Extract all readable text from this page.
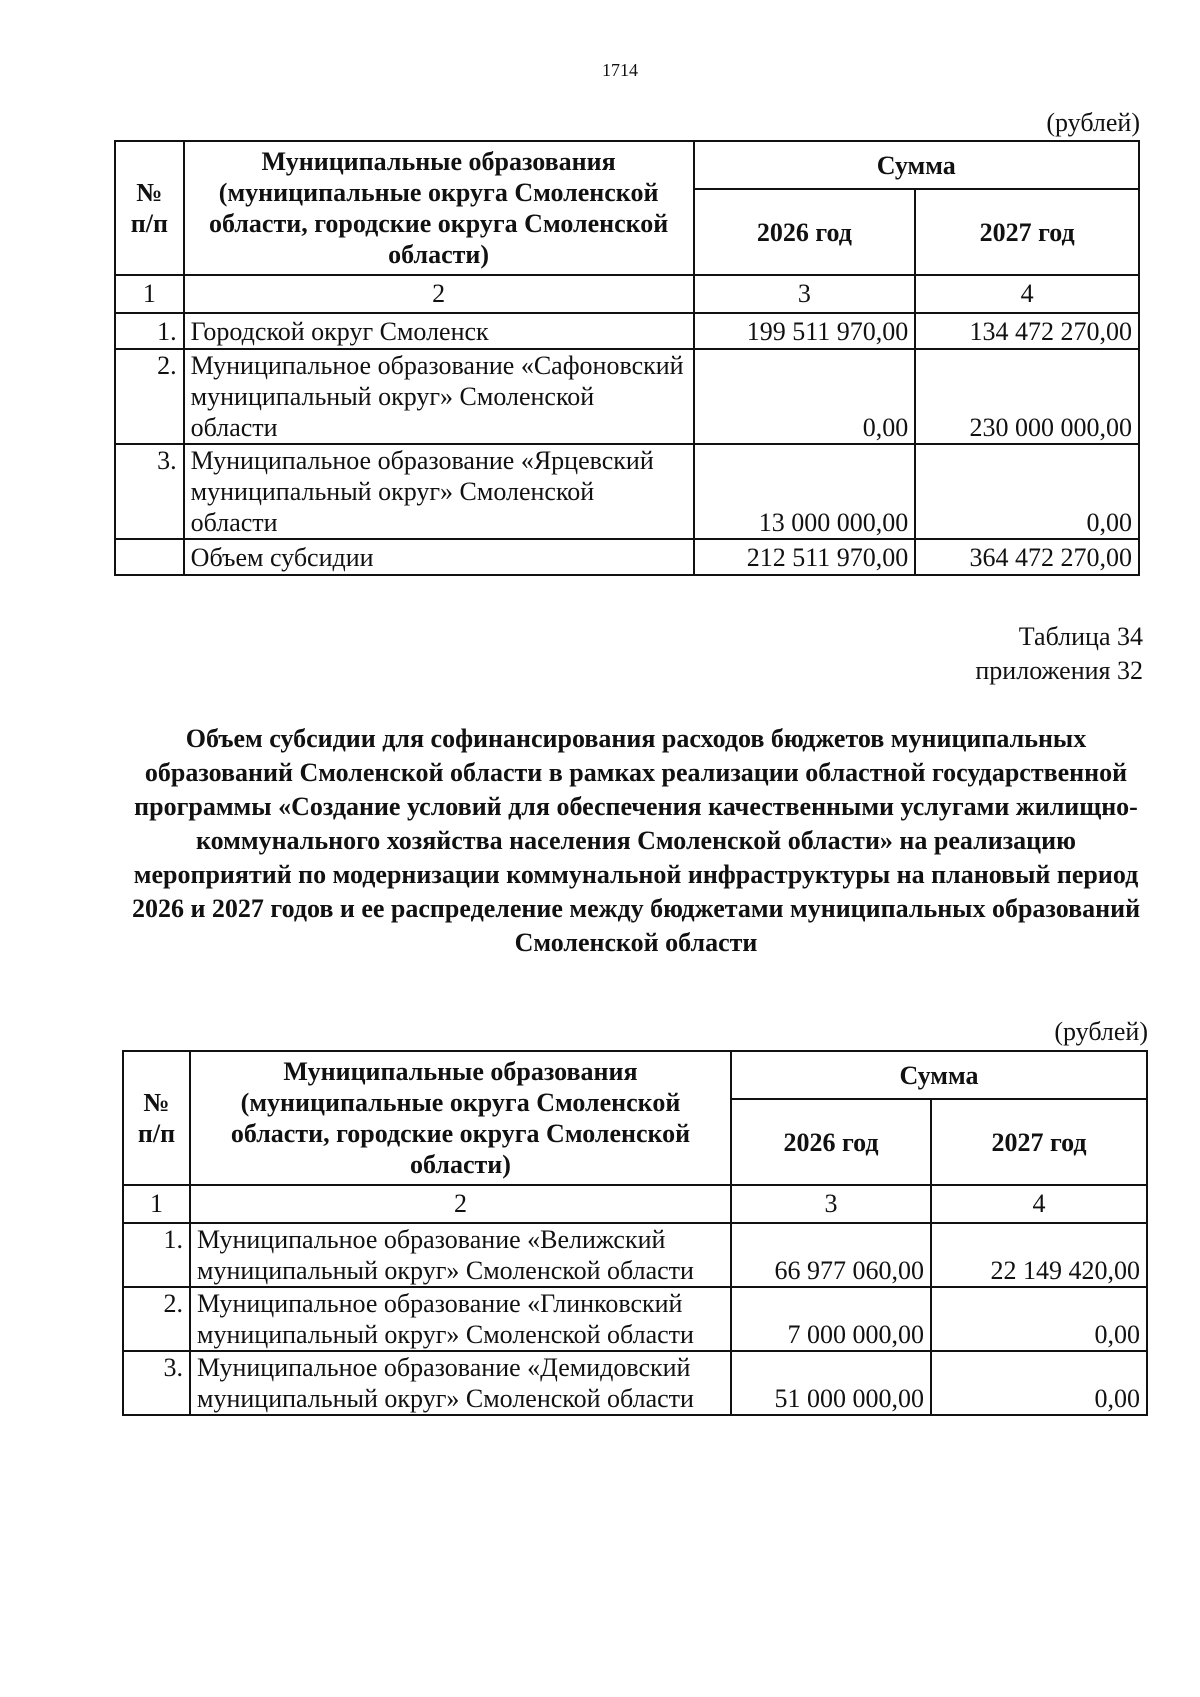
1714
(рублей)
№ п/п	Муниципальные образования (муниципальные округа Смоленской области, городские округа Смоленской области)	Сумма	
		2026 год	2027 год
1	2	3	4
1.	Городской округ Смоленск	199 511 970,00	134 472 270,00
2.	Муниципальное образование «Сафоновский муниципальный округ» Смоленской области	0,00	230 000 000,00
3.	Муниципальное образование «Ярцевский муниципальный округ» Смоленской области	13 000 000,00	0,00
	Объем субсидии	212 511 970,00	364 472 270,00
Таблица 34
приложения 32
Объем субсидии для софинансирования расходов бюджетов муниципальных образований Смоленской области в рамках реализации областной государственной программы «Создание условий для обеспечения качественными услугами жилищно-коммунального хозяйства населения Смоленской области» на реализацию мероприятий по модернизации коммунальной инфраструктуры на плановый период 2026 и 2027 годов и ее распределение между бюджетами муниципальных образований Смоленской области
(рублей)
№ п/п	Муниципальные образования (муниципальные округа Смоленской области, городские округа Смоленской области)	Сумма	
		2026 год	2027 год
1	2	3	4
1.	Муниципальное образование «Велижский муниципальный округ» Смоленской области	66 977 060,00	22 149 420,00
2.	Муниципальное образование «Глинковский муниципальный округ» Смоленской области	7 000 000,00	0,00
3.	Муниципальное образование «Демидовский муниципальный округ» Смоленской области	51 000 000,00	0,00
